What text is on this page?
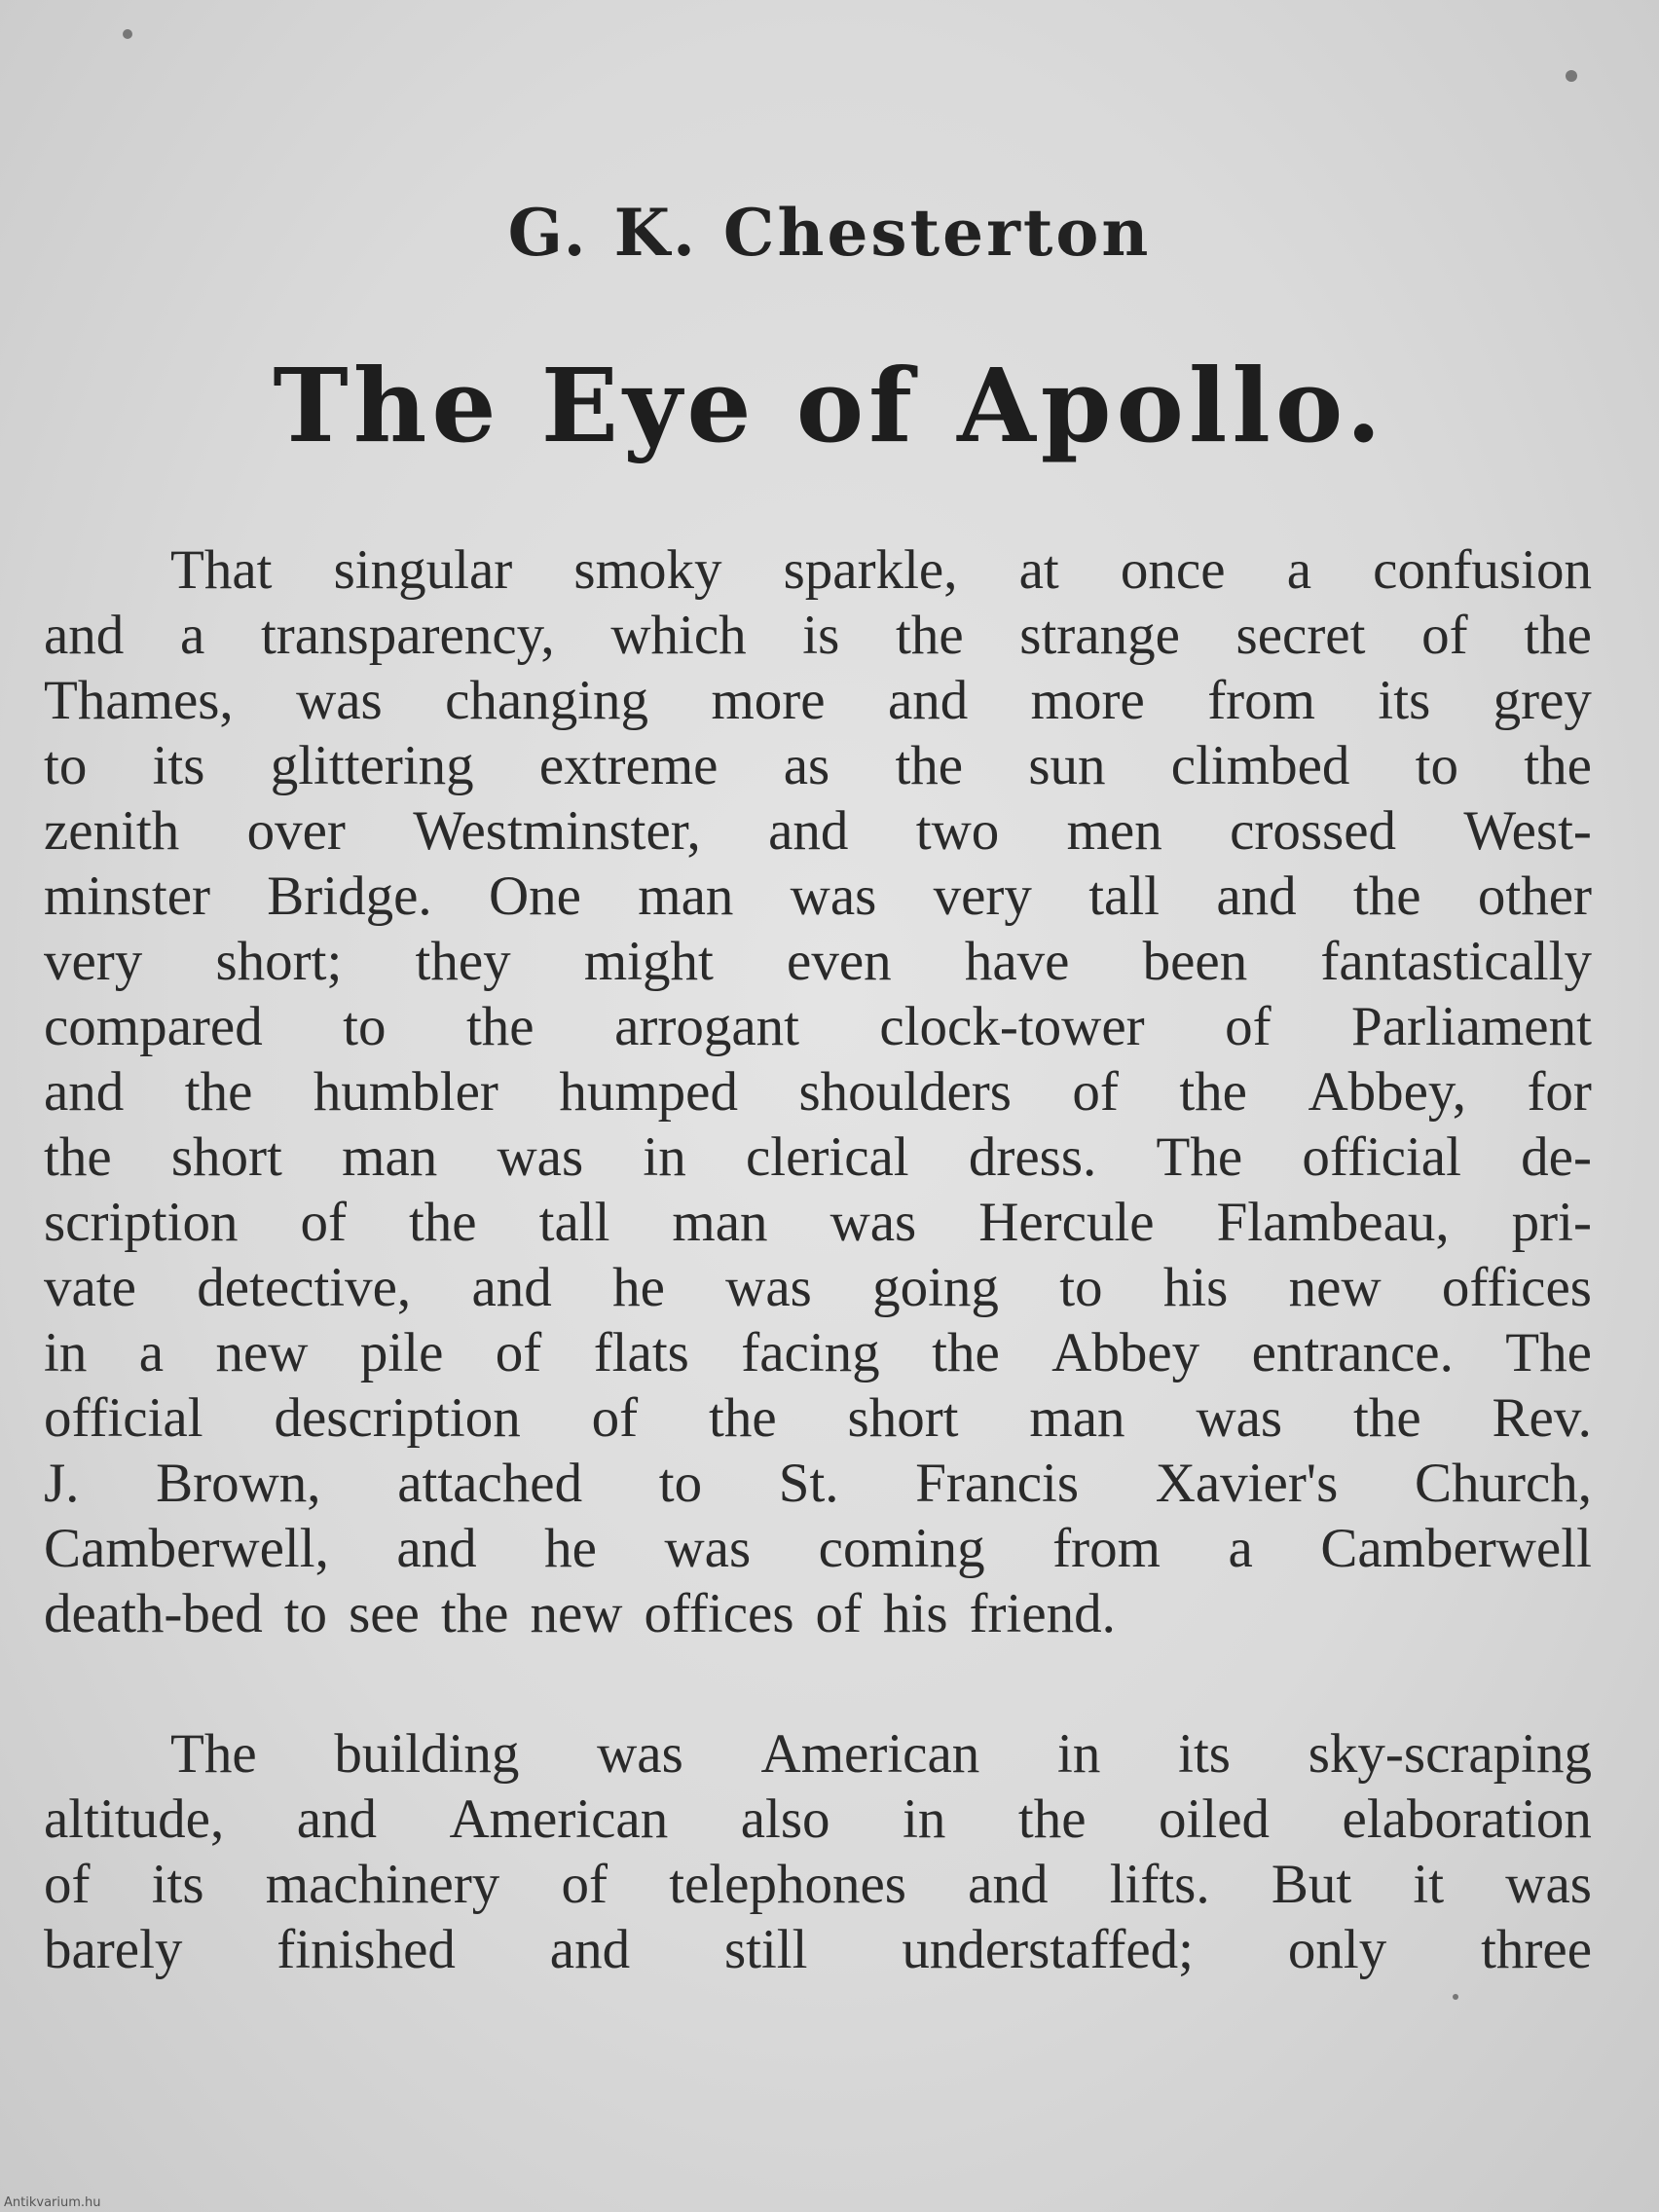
G. K. Chesterton
The Eye of Apollo.
That singular smoky sparkle, at once a confusion
and a transparency, which is the strange secret of the
Thames, was changing more and more from its grey
to its glittering extreme as the sun climbed to the
zenith over Westminster, and two men crossed West-
minster Bridge. One man was very tall and the other
very short; they might even have been fantastically
compared to the arrogant clock-tower of Parliament
and the humbler humped shoulders of the Abbey, for
the short man was in clerical dress. The official de-
scription of the tall man was Hercule Flambeau, pri-
vate detective, and he was going to his new offices
in a new pile of flats facing the Abbey entrance. The
official description of the short man was the Rev.
J. Brown, attached to St. Francis Xavier's Church,
Camberwell, and he was coming from a Camberwell
death-bed to see the new offices of his friend.
The building was American in its sky-scraping
altitude, and American also in the oiled elaboration
of its machinery of telephones and lifts. But it was
barely finished and still understaffed; only three
Antikvarium.hu
